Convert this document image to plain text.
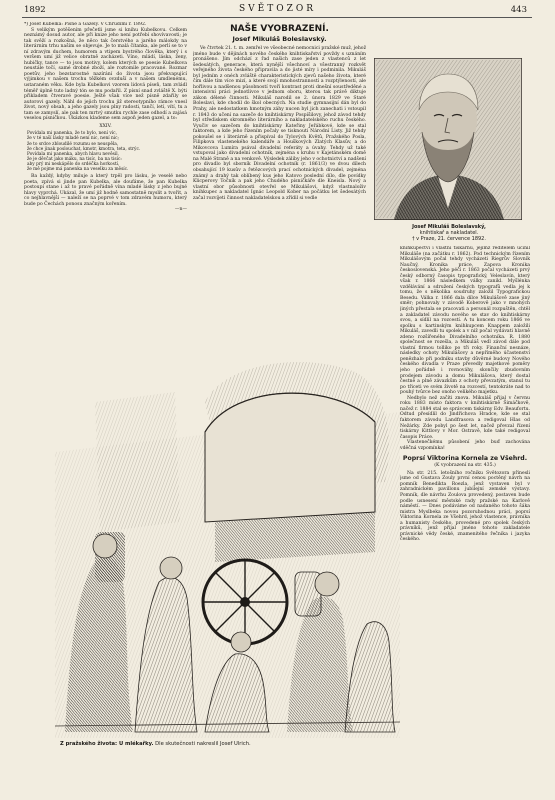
1892	SVĚTOZOR	443

*) Josef Kubelka: Písně a Gazely. V Chrudimi r. 1892.

S velikým potěšením přečetli jsme si knihu Kubelkovu. Celkem neznámý dosud autor, ale při knize jeho není potřebí shovívavosti; je tak svěží a rozkošná, že něco tak čerstvého a jarého málokdy na literárním trhu naším se objevuje. Je to malá čítanka, ale perlí se to v ní zdravým duchem, humorem a vtipem bystrého člověka, který i s veršem umí již velice obratně zacházeti. Víno, mládí, láska, ženy, hubičky, tance — to jsou motivy, kolem kterých se poesie Kubelkova neustále točí, samé drobné zboží, ale roztomile pracované. Rozmar poetův, jeho bezstarostné nazírání do života jsou překvapující výjimkou v našem trochu těžkém ovzduší a v našem umdlenému, ustaraném věku. Kde byla Kubelkovi vzorem lidová píseň, tam zvládl téměř úplně tuto ladný tón se mu podařil. Z písní snad zvláště X. býti přikladem čtveravé poesie. Ještě však více než písně zdařily se autorovi gazely. Náhl do jejich trochu již stereotypního rámce vnesl život, nový obsah, a jeho gazely jsou plny radosti, tančí, letí, vítí, tu a tam se zamyslí, ale pak ten mrtvý smutku rychle zase odhodí a zajásá veselou písničkou. Ukázkou klademe sem aspoň jeden gazel, a to:

XXIV.

Povídala mi panenka, že to bylo, není víc,

že v té naší lásky mladé není nic, není nic;

že to srdce zbloudilé rozumu se neuspěla,

že chce jinak poslouchat, kmotr, kmotra, teta, strýc.

Povídala mi panenka, abych hlavu nevěsil,

že je děvčat jako máku, na tisíc, ba na tisíc:

aby prý mi neskápělo do srdéčka horkostí,

že mě pojme má panenka na veselku za měsíc.

Ba každý, kdyby miluje a který trpěl pro lásku, je veselé nebo poeta, zpívá si jinde pan Kubelka, ale doufáme, že pan Kubelka postoupí stane i až to pravé pořádně vína mladé lásky z jeho bujné hlavy vyprchá. Ukázal, že umí již hodně samostatně myslit a tvořit, a co nejhlavnější — naleží se na poprvé v tom zdravém humoru, který bude po Čechách ponosu značným kořením.

—n—

NAŠE VYOBRAZENÍ.
Josef Mikuláš Boleslavský.

Ve čtvrtek 21. t. m. zemřel ve všeobecné nemocnici pražské muž, jehož jméno bude v dějinách nového českého knihtiskařství povždy s uznáním pronášeno. Jím odchází z řad našich zase jeden z vlastenců z let šedesátých, generace, která nynější všechnoví a všestranný rozkvět veřejného života českého připravila a do jisté míry i podminila. Mikuláš byl jedním z onéch zvláště charakteristických zjevů našeho života, které čím dále tím více mizí, a které svojí mnohostranností a rozptýleností, ale hořlivou a nadšenou působností tvoří kontrast proti dnešní soustředěné a intensivní práci jednotlivce v jednom oboru, kterou tak právě diktuje zákon dělené činnosti. Mikuláš narodil se 2. února 1829 ve Staré Boleslavi, kde chodil do škol obecných. Na studie gymnasijní dán byl do Prahy, ale nedostatkem hmotným záhy nucen byl jich zanechati i vstoupil r. 1843 do učení na sazeče do knihtiskárny Pospíšilovy, jehož závod tehdy byl střediskem skromného literárního a nakladatelského ruchu českého. Vyučiv se sazečem do knihtiskárny Kateřiny Jeřábkové, kde se stal faktorem, a kde jeho řízením počaly se tisknouti Národní Listy. Již tehdy pokoušel se i literárně a přispíval do Tylových Květů, Pražského Posla, Filipkova vlastenekého kalendáře a Houškových Zlatých Klasův, a do Mikovcova Lumíra psával divadelní referáty a úvahy. Tehdy už také vstupoval jako divadelní ochotník, zejména s kruhu v Kajetánském domě na Malé Straně a na venkově. Výsledek záliby jeho v ochotnictví a nadšení pro divadlo byl sborník Divadelní ochotník (r. 1861/3) ve dvou dílech obsahující 19 kusův a řetězcových prací ochotnických divadel, zejména známý a drahý tak oblíbený kus jeho Katovo poslední dílo, dle povídky Klicperovy Točník a pak jeho Chudého písničkáře dle Kneisla. Nový a vlastní obor působnosti otevřel se Mikulášovi, když vlastnaloživ knihkupec a nakladatel Ignác Leopold Kober na počátku let šedesátých začal rozvíjeti činnost nakladatelskou a zřídil si vedle

Josef Mikuláš Boleslavský,
knihtiskař a nakladatel.
† v Praze, 21. července 1892.

knihkupectví i vlastní tiskárnu, jejímž ředitelem učinil Mikuláše (na začátku r. 1862). Pod technickým řízením Mikulášovým počal tehdy vycházeti Riegrův Slovník Naučný, Kronika práce, Zapova Kronika československá. Jeho péčí r. 1863 počal vycházeti prvý český odborný časopis typografický, Veleslavín, který však r. 1866 následkem války zanikl. Myšlénka vzdělávání a sdružení českých typografů vedla jej k tomu, že s několika soudruhy založil Typografickou Besedu. Válka r. 1866 dala dílce Mikulášově zase jiný směr; pohnovaly v závodě Koberově jako v mnohých jiných přestala se pracovati a personál rozpuštěn, chtěl a zakladatel závodu nového se stav do knihtiskárny svou, a sídlil na rozcestí. A tu koncem roku 1866 ve spolku s kartinským knihkupcem Knappem založili Mikuláš, zavedli tu spolek a v níž počal vydávati hlavně zdeno rozšířeného Divadelního ochotníka. R. 1880 společnost se rozešla, a Mikuláš vedl závod dále pod vlastní firmou tolliko po tři roky. Finanční nesnáze, následky ochoty Mikulášovy a nepříměho účastenství penězhalo při podniku stavby důvěrné budovy Nového českého divadla v Praze převedly majetkové poměry jeho pořádně i rovnováhy, skončily zbudovním prodejem závodu a domu Mikulášova, který dostal čestně a plně závazkům z ochoty převzatým, stanul tu po třiceti ve svém životě na rozcestí, tentokráte nad to pouhý tvůrce bez onoho velikého majetku.

Nedbylo než začíti znova. Mikuláš přijal v červnu roku 1883 místo faktora v knihtiskárně Šimáčkově, načež r. 1884 stal se správcem tiskárny Edv. Beaufortu. Odtud přesídlil do Jindřichova Hradce, kde se stal faktorem závodu Landfrasova a redigoval Hlas od Nežárky. Zde pobyl po šest let, načež převzal řízení tiskárny Kittlovy v Mor. Ostravě, kde také redigoval časopis Práce.

Vlastenečkému působení jeho buď zachována vděčná vzpomínka!

Poprsí Viktorina Kornela ze Všehrd.
(K vyobrazení na str. 435.)

Na str. 215. letošního ročníku Světozora přinesli jsme od Gustava Zouly první cenou poctěný návrh na pomník Benedikta Roezla, jenž vystaven byl v zahradnickém pavillonu jubilejní zemské výstavy. Pomník, dle návrhu Zoulova provedený, postaven bude podle usnesení městské rady pražské na Karlově náměstí. — Dnes podáváme od nadaného tohoto šáka mistra Myslbeka novou pozoruhodnou práci, poprsí Viktorina Kornela ze Všehrd, jehož vlastence, právníka a humanisty českého, provedené pro spolek českých právníků, jenž přijal jméno tohoto zakladatele právnické vědy české, znamenitého řečníka i jazyka českého.

Z pražského života: U mlékařky. Dle skutečnosti nakreslil Josef Ulrich.
